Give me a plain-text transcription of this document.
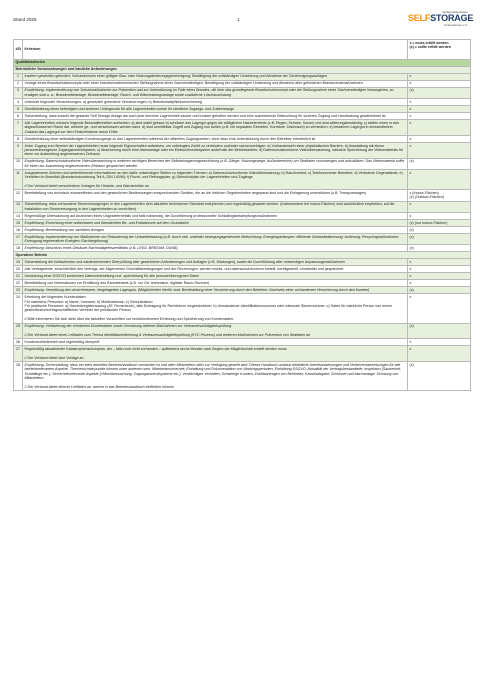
Stand 2025	1
Verband Deutscher
SELFSTORAGE
Unternehmen e.V.
#ID	Kriterium	x = muss erfüllt werden
(x) = sollte erfüllt werden
Qualitätskriterien		
Betriebliche Voraussetzungen und bauliche Anforderungen		
1	Insofern gesetzlich gefordert, Vorhandensein einer gültigen Bau- oder Nutzungsänderungsgenehmigung; Bestätigung der vollständigen Umsetzung und Abnahme der Genehmigungsauflagen	x
2	Vorlage eines Brandschutzkonzepts oder einer brandschutztechnischen Stellungnahme eines Sachverständigen; Bestätigung der vollständigen Umsetzung und Abnahme aller geforderten Brandschutzmaßnahmen	x
3	Empfehlung: Implementierung von Schutzmaßnahmen zur Prävention und zur Unterstützung im Falle eines Brandes, die über das grundlegende Brandschutzkonzept oder die Stellungnahme eines Sachverständigen hinausgehen, zu erwägen sind u. a.: Brandmeldeanlage, Brandmeldeanlage, Rauch- und Wärmeabzugsanlage sowie zusätzliche Löschausrüstung	(x)
4	Unterhalt folgender Versicherungen: a) gesetzlich geforderte Versicherungen; b) Betriebshaftpflichtversicherung	x
5	Gewährleistung eines befestigten und sicheren Untergrunds für alle Lagereinheiten sowie für sämtliche Zugangs- und Zufahrtswege	x
6	Sicherstellung, dass sowohl die gesamte Self Storage Anlage als auch jede einzelne Lagereinheit sauber und trocken gehalten werden und eine ausreichende Beleuchtung für sicheren Zugang und Handhabung gewährleistet ist	x
7	Alle Lagereinheiten müssen folgende Beschaffenheiten aufweisen: a) sind stabil gebaut; b) schützen das Lagergut gegen die alltäglichen Naturelemente (z.B. Regen, Schnee, Sonne) und sind witterungsbeständig; c) stellen einen in sich abgeschlossenen Raum dar, welcher ge- und verschlossen werden kann; d) sind unmittelbar Zugriff und Zugang von außen (z.B. bei separaten Einheiten, Korridore, Dachraum) zu verhindern; e) bewahren Lagergut in einwandfreiem Zustand das Lagergut vor dem Einsichtnahme durch Dritte	x
8	Gewährleistung einer selbstständigen Kundenzugangs zu den Lagereinheiten während der offiziellen Zugangszeiten, ohne dass eine Unterstützung durch den Betreiber erforderlich ist	x
9	Jeder Zugang zum Bereich der Lagereinheiten muss folgende Eigenschaften aufweisen, um unbefugten Zutritt zu verhindern und/oder nachzuverfolgen: a) Vorhandensein einer physikalischen Barriere; b) Ausstattung mit einem personenbezogenen Zugangskontrollsystem; c) Absicherung durch eine Alarmanlage oder ein Einbruchmeldesystem außerhalb der Betriebszeiten; d) Datenschutzkonforme Videoüberwachung, inklusive Speicherung der Videomaterials für einen zur Auswertung angemessenen Zeitraum	x
10	Empfehlung: Datenschutzkonforme Videoüberwachung in weiteren wichtigen Bereichen der Selbsteinlagerungseinrichtung (z.B. Gänge, Nutzungswege, Außenbereiche) um Straftaten vorzubeugen und aufzuklären. Das Videomaterial sollte für einen zur Auswertung angemessenen Zeitraum gespeichert werden	(x)
11	Ausgewiesene Zeichen und weiterführende Informationen an den dafür notwendigen Stellen zu folgenden Themen: a) Datenschutzkonforme Videoüberwachung; b) Rauchverbot; c) Telefonnummer Betreiber; d) Verbotene Gegenstände; e) Verhalten im Brandfall (Brandschutzordnung Teil A, DIN 14096); f) Flucht- und Rettungsplan; g) Übersicht/plan der Lagereinheiten und Zugänge

// Der Verband bietet verschiedene Vorlagen für Hinweis- und Warnschilder an	x
12	Bereitstellung von technisch einwandfreien und den gesetzlichen Bestimmungen entsprechenden Geräten, die an die örtlichen Gegebenheiten angepasst sind und die Einlagerung unterstützen (z.B. Transportwagen)	x (Indoor-Flächen)
(x) (Outdoor-Flächen)
13	Sicherstellung, dass vorhandene Stromversorgungen in den Lagereinheiten dem aktuellen technischen Standard entsprechen und regelmäßig gewartet werden. (Insbesondere bei Indoor-Flächen) wird ausdrücklich empfohlen, auf die Installation von Stromversorgung in den Lagereinheiten zu verzichten)	x
14	Regelmäßige Überwachung auf Anzeichen eines Ungezieferbefalls und falls notwendig, die Durchführung professioneller Schädlingsbekämpfungsmaßnahmen	x
15	Empfehlung: Einrichtung einer anfahrbaren und überdachten Be- und Entladezone auf dem Grundstück	(x) (nur Indoor-Flächen)
16	Empfehlung: Bereitstellung von sanitären Anlagen	(x)
17	Empfehlung: Implementierung von Maßnahmen zur Reduzierung der Umweltbelastung (z.B. durch zeit- und/oder bewegungsgesteuerte Beleuchtung; Energiesparlampen; effiziente Gebäudedämmung; Isolierung; Recyclingmaßnahmen; Erzeugung regenerativer Energien; Dachbegrünung)	(x)
18	Empfehlung: Abschluss eines Gebäude-Nachhaltigkeitszertifikats (z.B. LEED, BREEAM, DGNB)	(x)
Operativer Betrieb		
19	Sicherstellung der fortlaufenden und wiederkehrenden Überprüfung aller gesetzlichen Anforderungen und Auflagen (z.B. Wartungen), sowie die Durchführung aller notwendigen Anpassungsmaßnahmen	x
20	Alle Vertragstexte, einschließlich des Vertrags, der Allgemeinen Geschäftsbedingungen und der Rechnungen, werden rechts- und datenschutzkonform erstellt, bereitgestellt, verarbeitet und gespeichert	x
21	Umsetzung einer DSGVO-konformen Datenverarbeitung und -speicherung für alle personenbezogenen Daten	x
22	Bereitstellung von Informationen zur Ermittlung des Raumbedarfs (z.B. vor Ort, telefonisch, digitaler Raum-Rechner)	x
23	Empfehlung: Vermittlung des versicherbaren, eingelagerten Lagerguts. [Möglichkeiten hierfür sind: Bereitstellung einer Versicherung durch den Betreiber; Nachweis einer vorhandenen Versicherung durch den Kunden]	(x)
24	Erhebung der folgenden Kundendaten:
Für natürliche Personen: a) Name, Vorname; b) Meldeadresse; c) Geburtsdatum
Für juristische Personen: a) Handelsregisterauszug (AT: Firmenbuch), falls Eintragung für Rechtsform vorgeschrieben; b) Umsatzsteuer-Identifikationsnummer oder nationale Steuernummer; c) Daten für natürliche Person von einem gesetzlichen/rechtsgeschäftlichen Vertreter der juristischen Person.

// Bitte informieren Sie sich stets über die aktuellen Vorschriften zur rechtskonformen Erhebung und Speicherung von Kundendaten.	x
25	Empfehlung: Verifizierung der erhobenen Kundendaten sowie Umsetzung weiterer Maßnahmen zur Vertrauenswürdigkeitsprüfung

// Der Verband bietet einen Leitfaden zum Thema Identitätsverifizierung & Vertrauenswürdigkeitsprüfung (KYC-Prozess) und weiteren Maßnahmen zur Prävention von Straftaten an	(x)
26	Kundenzufriedenheit wird regelmäßig überprüft	x
27	Regelmäßig aktualisierter Katastrophenschutzplan, der – falls noch nicht vorhanden – spätestens sechs Monate nach Beginn der Mitgliedschaft erstellt werden muss

// Der Verband bietet eine Vorlage an	x
28	Empfehlung: Sicherstellung, dass ein stets aktuelles Betriebshandbuch vorhanden ist und allen Mitarbeitern aktiv zur Verfügung gestellt wird. Dieses Handbuch umfasst detaillierte Arbeitsanweisungen und Verfahrensanweisungen für alle betriebsrelevanten Aspekte. Themenschwerpunkte können unter anderem sein: Mitarbeitersicherheit; Einhaltung und Dokumentation von Wartungsperioden; Einhaltung DSGVO; Aktualität der Vertragsbestandteile; Inspektion (Sauberkeit, Schädlinge etc.); Sicherheitsrelevante Aspekte (Videoüberwachung, Zugangskontrollsysteme etc.); Verdächtiges Verhalten; Schwierige Kunden; Zutrittsanfragen von Behörden; Kassenabgabe; Schlüssel und Alarmanlage; Schulung von Mitarbeitern

// Der Verband bietet diverse Leitfäden an, welche in das Betriebshandbuch einfließen können	(x)
